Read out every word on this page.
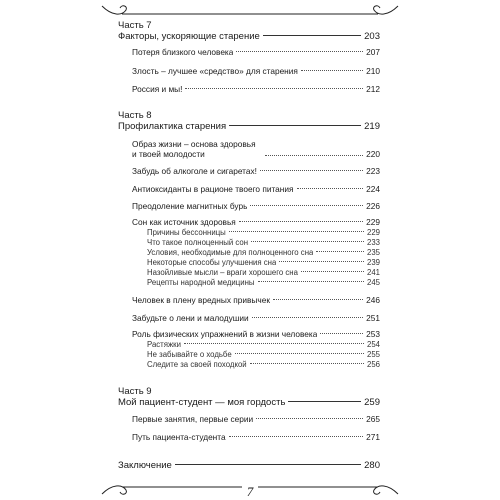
Часть 7
Факторы, ускоряющие старение	203
Потеря близкого человека	207
Злость – лучшее «средство» для старения	210
Россия и мы!	212
Часть 8
Профилактика старения	219
Образ жизни – основа здоровья и твоей молодости	220
Забудь об алкоголе и сигаретах!	223
Антиоксиданты в рационе твоего питания	224
Преодоление магнитных бурь	226
Сон как источник здоровья	229
Причины бессонницы	229
Что такое полноценный сон	233
Условия, необходимые для полноценного сна	235
Некоторые способы улучшения сна	239
Назойливые мысли – враги хорошего сна	241
Рецепты народной медицины	245
Человек в плену вредных привычек	246
Забудьте о лени и малодушии	251
Роль физических упражнений в жизни человека	253
Растяжки	254
Не забывайте о ходьбе	255
Следите за своей походкой	256
Часть 9
Мой пациент-студент — моя гордость	259
Первые занятия, первые серии	265
Путь пациента-студента	271
Заключение	280
7
